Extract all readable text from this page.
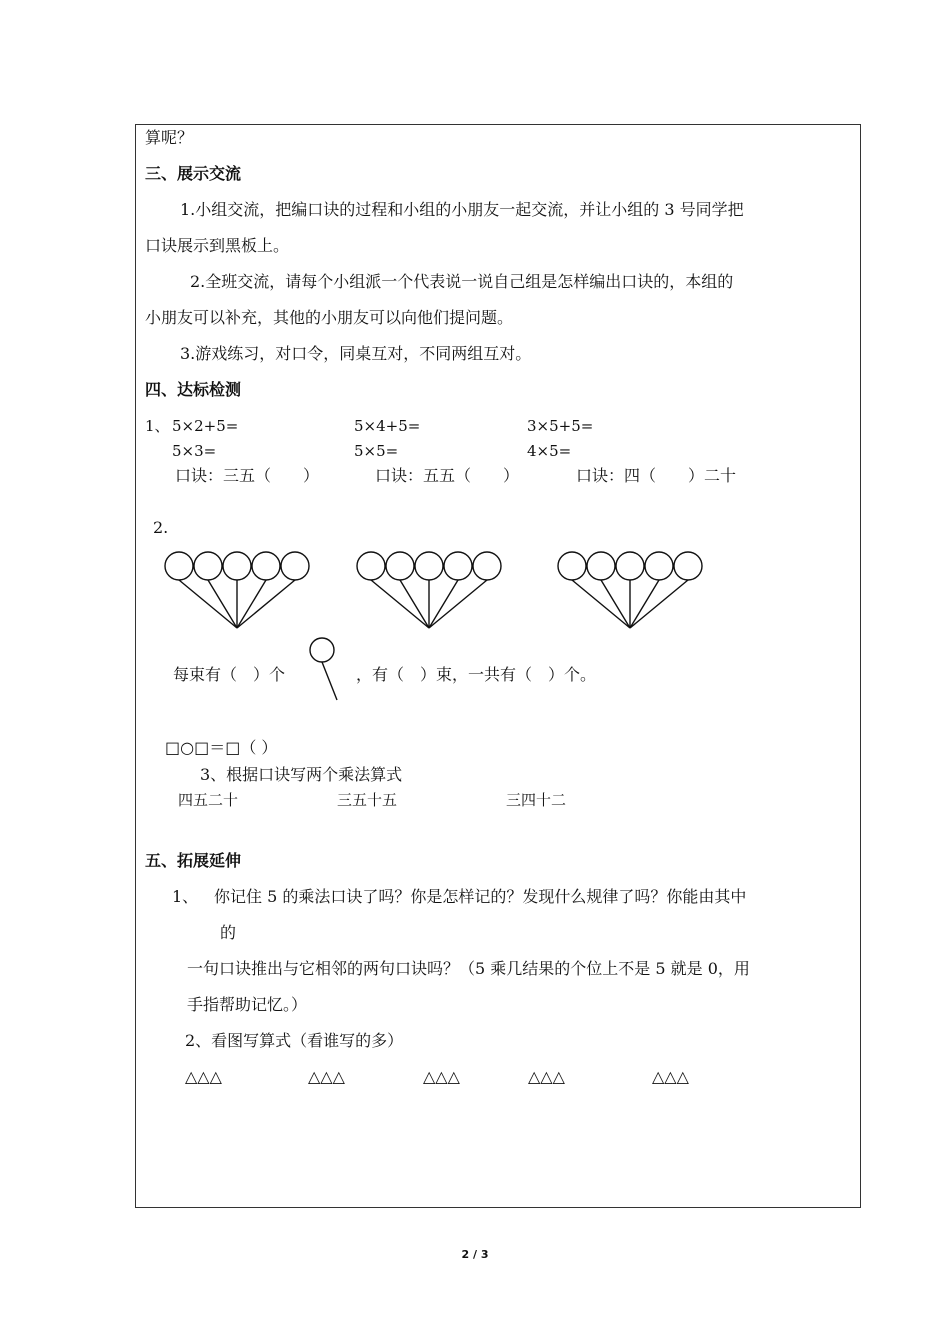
算呢？
三、展示交流
1.小组交流，把编口诀的过程和小组的小朋友一起交流，并让小组的 3 号同学把
口诀展示到黑板上。
2.全班交流，请每个小组派一个代表说一说自己组是怎样编出口诀的，本组的
小朋友可以补充，其他的小朋友可以向他们提问题。
3.游戏练习，对口令，同桌互对，不同两组互对。
四、达标检测
1、 5×2+5=	5×4+5=	3×5+5=
5×3=	5×5=	4×5=
口诀：三五（　　）	口诀：五五（　　）	口诀：四（　　）二十
2.
每束有（　）个	，有（　）束，一共有（　）个。
□○□＝□（ ）
3、根据口诀写两个乘法算式
四五二十	三五十五	三四十二
五、拓展延伸
1、 你记住 5 的乘法口诀了吗？你是怎样记的？发现什么规律了吗？你能由其中
的
一句口诀推出与它相邻的两句口诀吗？（5 乘几结果的个位上不是 5 就是 0，用
手指帮助记忆。）
2、看图写算式（看谁写的多）
△△△	△△△	△△△	△△△	△△△
2 / 3
